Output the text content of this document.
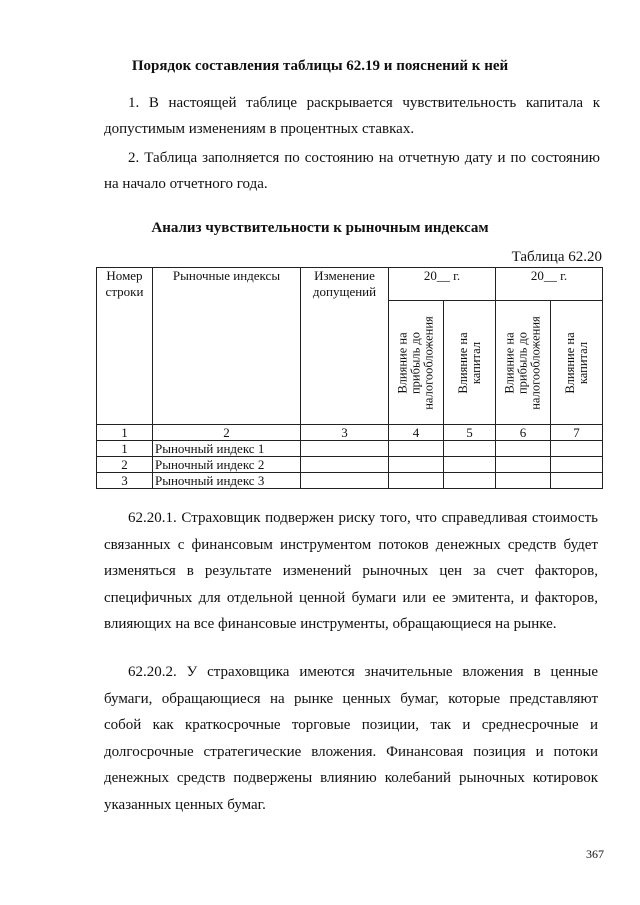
Порядок составления таблицы 62.19 и пояснений к ней

1. В настоящей таблице раскрывается чувствительность капитала к допустимым изменениям в процентных ставках.

2. Таблица заполняется по состоянию на отчетную дату и по состоянию на начало отчетного года.

Анализ чувствительности к рыночным индексам
Таблица 62.20
Номер строки	Рыночные индексы	Изменение допущений	20__ г.		20__ г.	

			Влияние на
прибыль до
налогообложения	Влияние на
капитал	Влияние на
прибыль до
налогообложения	Влияние на
капитал

1	2	3	4	5	6	7
1	Рыночный индекс 1					
2	Рыночный индекс 2					
3	Рыночный индекс 3					

62.20.1. Страховщик подвержен риску того, что справедливая стоимость связанных с финансовым инструментом потоков денежных средств будет изменяться в результате изменений рыночных цен за счет факторов, специфичных для отдельной ценной бумаги или ее эмитента, и факторов, влияющих на все финансовые инструменты, обращающиеся на рынке.

62.20.2. У страховщика имеются значительные вложения в ценные бумаги, обращающиеся на рынке ценных бумаг, которые представляют собой как краткосрочные торговые позиции, так и среднесрочные и долгосрочные стратегические вложения. Финансовая позиция и потоки денежных средств подвержены влиянию колебаний рыночных котировок указанных ценных бумаг.

367
